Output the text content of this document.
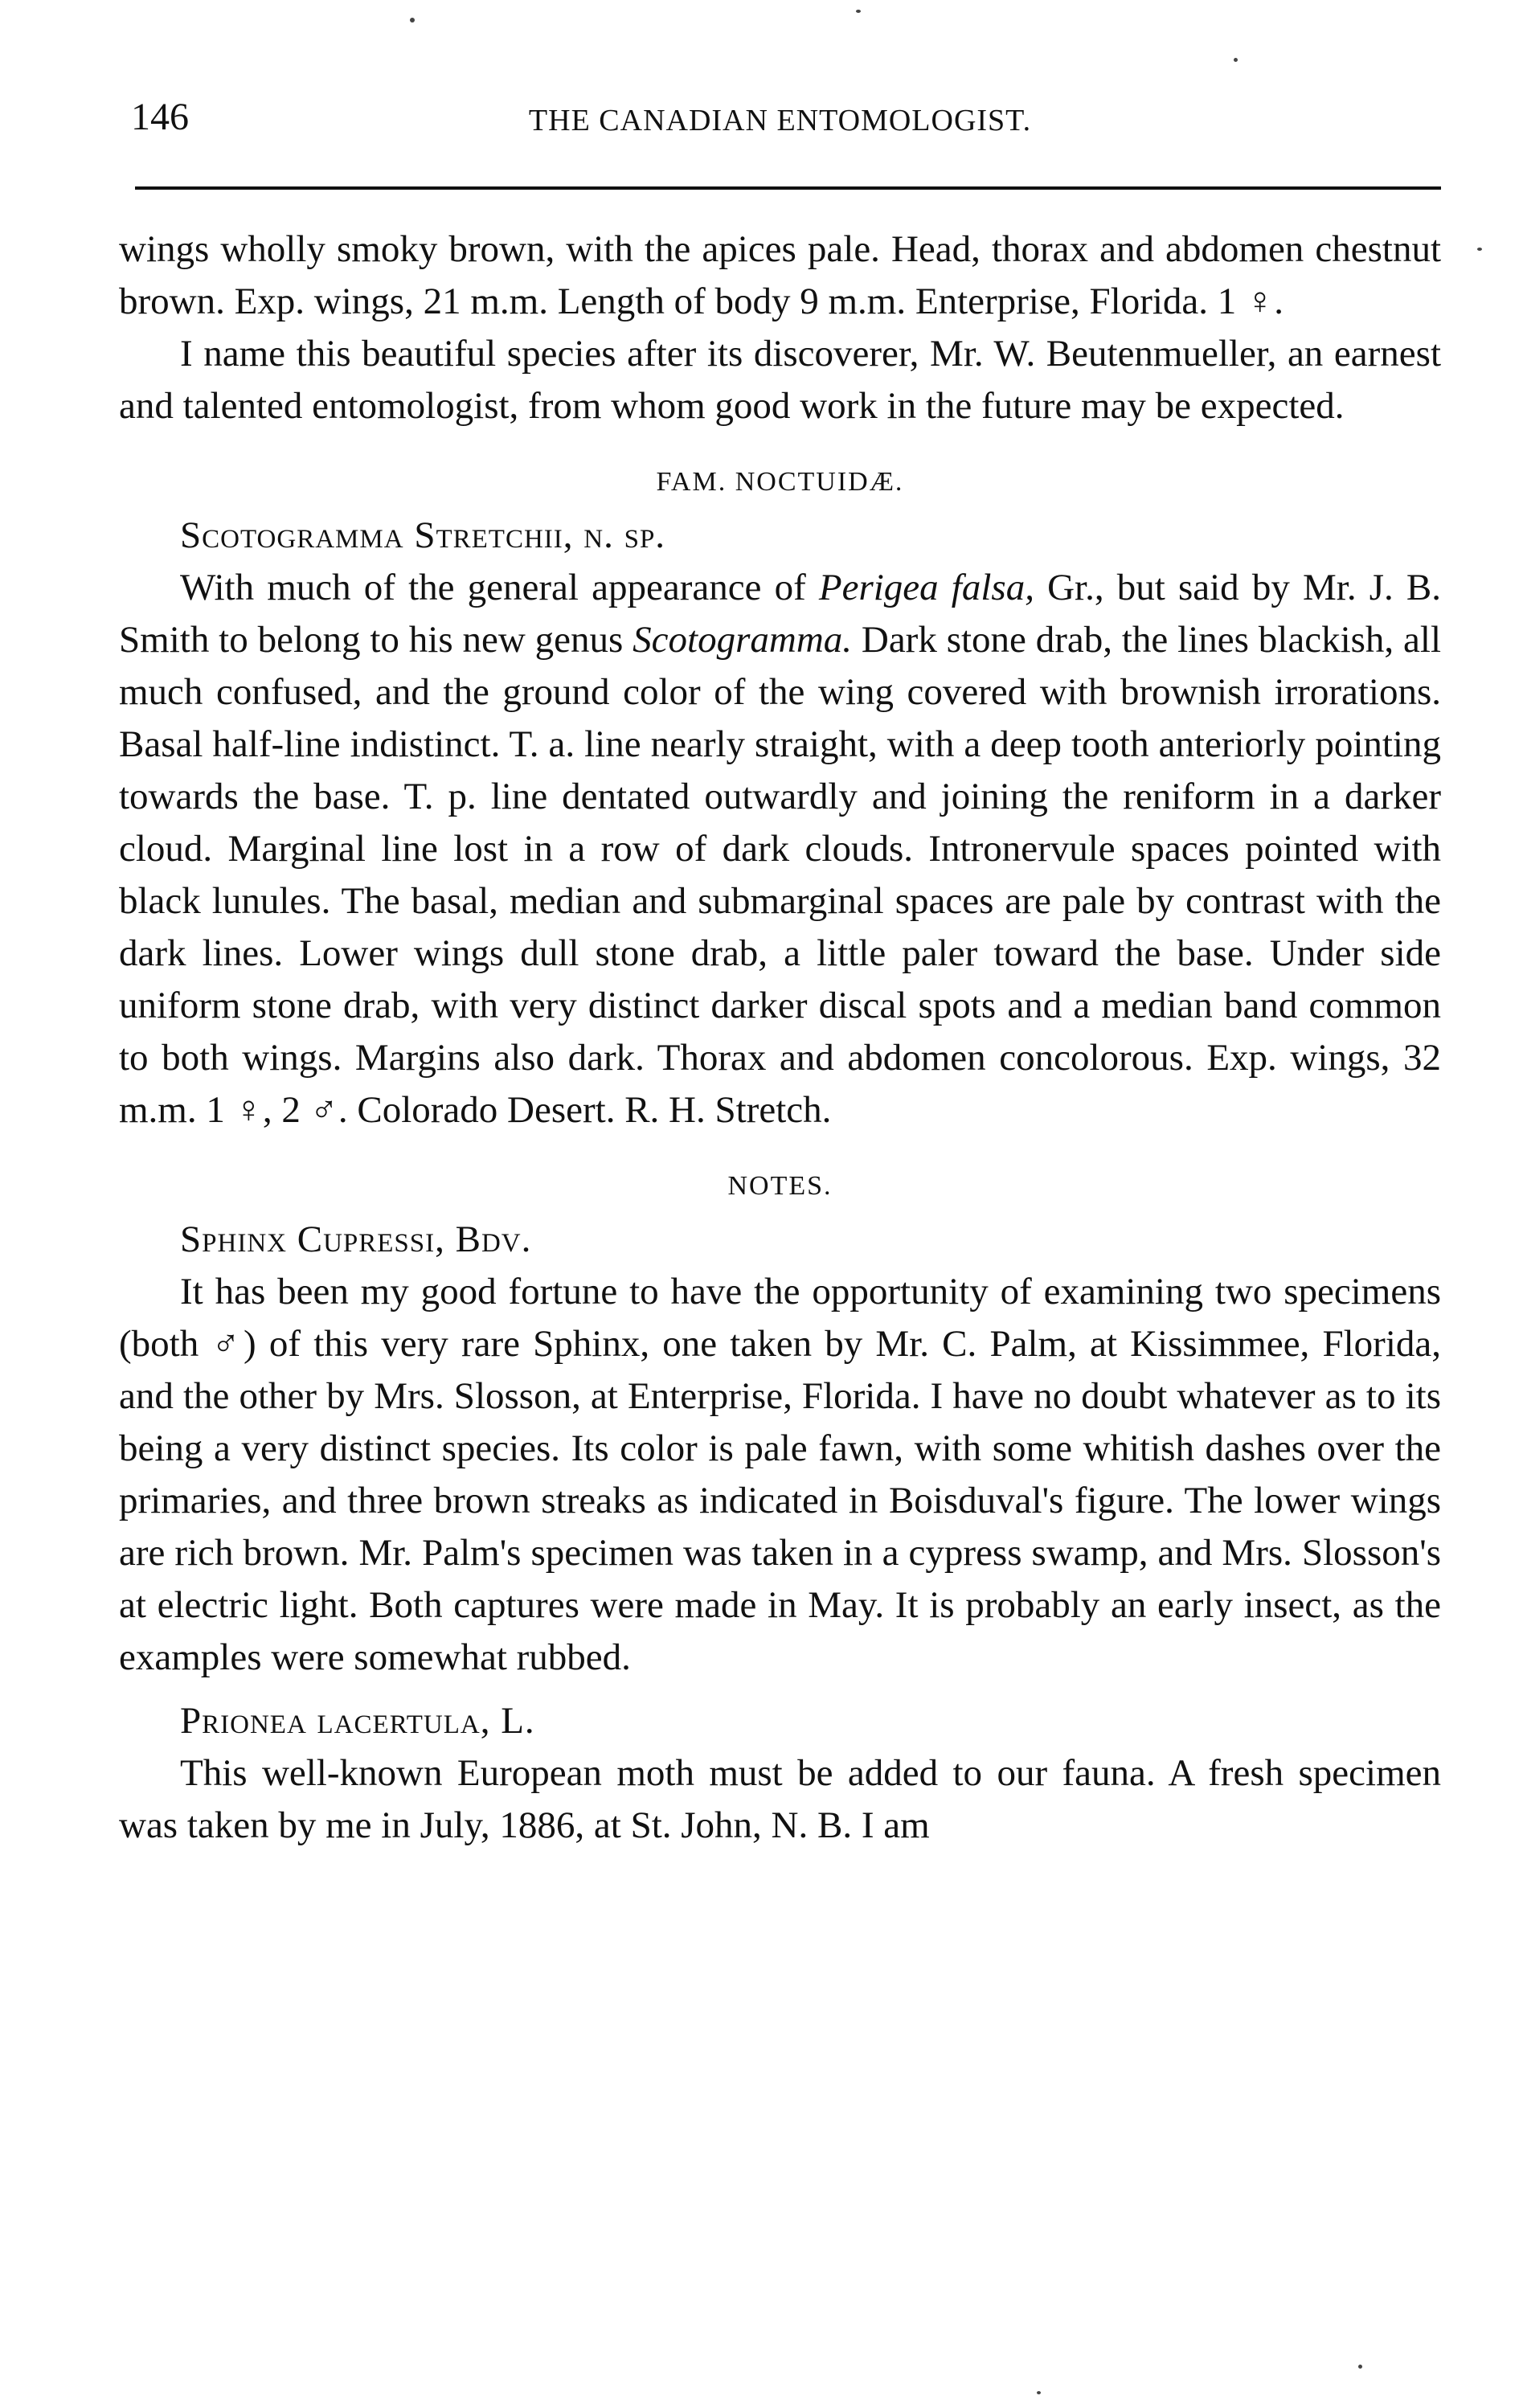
146	THE CANADIAN ENTOMOLOGIST.

wings wholly smoky brown, with the apices pale. Head, thorax and abdomen chestnut brown. Exp. wings, 21 m.m. Length of body 9 m.m. Enterprise, Florida. 1 ♀.

I name this beautiful species after its discoverer, Mr. W. Beutenmueller, an earnest and talented entomologist, from whom good work in the future may be expected.

FAM. NOCTUIDÆ.

Scotogramma Stretchii, n. sp.

With much of the general appearance of Perigea falsa, Gr., but said by Mr. J. B. Smith to belong to his new genus Scotogramma. Dark stone drab, the lines blackish, all much confused, and the ground color of the wing covered with brownish irrorations. Basal half-line indistinct. T. a. line nearly straight, with a deep tooth anteriorly pointing towards the base. T. p. line dentated outwardly and joining the reniform in a darker cloud. Marginal line lost in a row of dark clouds. Intronervule spaces pointed with black lunules. The basal, median and submarginal spaces are pale by contrast with the dark lines. Lower wings dull stone drab, a little paler toward the base. Under side uniform stone drab, with very distinct darker discal spots and a median band common to both wings. Margins also dark. Thorax and abdomen concolorous. Exp. wings, 32 m.m. 1 ♀, 2 ♂. Colorado Desert. R. H. Stretch.

NOTES.

Sphinx Cupressi, Bdv.

It has been my good fortune to have the opportunity of examining two specimens (both ♂) of this very rare Sphinx, one taken by Mr. C. Palm, at Kissimmee, Florida, and the other by Mrs. Slosson, at Enterprise, Florida. I have no doubt whatever as to its being a very distinct species. Its color is pale fawn, with some whitish dashes over the primaries, and three brown streaks as indicated in Boisduval's figure. The lower wings are rich brown. Mr. Palm's specimen was taken in a cypress swamp, and Mrs. Slosson's at electric light. Both captures were made in May. It is probably an early insect, as the examples were somewhat rubbed.

Prionea lacertula, L.

This well-known European moth must be added to our fauna. A fresh specimen was taken by me in July, 1886, at St. John, N. B. I am
